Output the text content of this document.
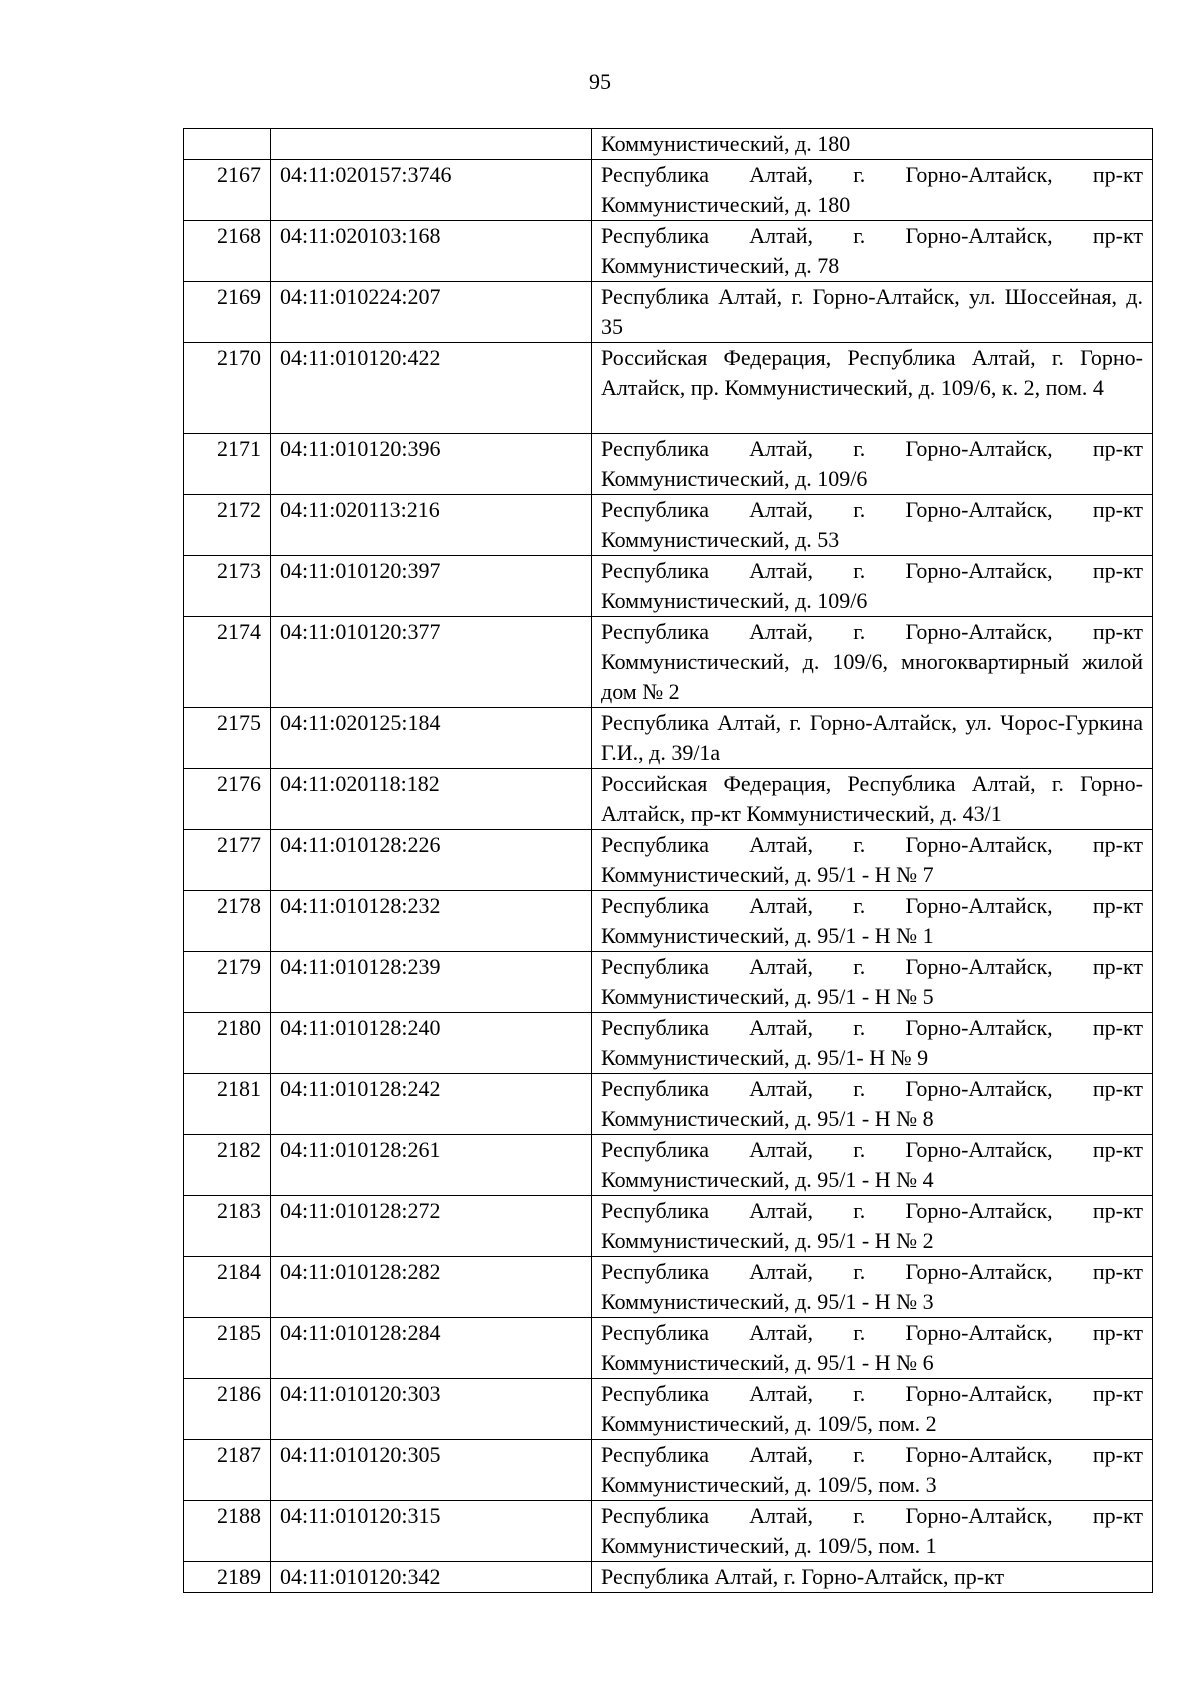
95
		Коммунистический, д. 180
2167	04:11:020157:3746	Республика Алтай, г. Горно-Алтайск, пр-кт Коммунистический, д. 180
2168	04:11:020103:168	Республика Алтай, г. Горно-Алтайск, пр-кт Коммунистический, д. 78
2169	04:11:010224:207	Республика Алтай, г. Горно-Алтайск, ул. Шоссейная, д. 35
2170	04:11:010120:422	Российская Федерация, Республика Алтай, г. Горно-Алтайск, пр. Коммунистический, д. 109/6, к. 2, пом. 4
2171	04:11:010120:396	Республика Алтай, г. Горно-Алтайск, пр-кт Коммунистический, д. 109/6
2172	04:11:020113:216	Республика Алтай, г. Горно-Алтайск, пр-кт Коммунистический, д. 53
2173	04:11:010120:397	Республика Алтай, г. Горно-Алтайск, пр-кт Коммунистический, д. 109/6
2174	04:11:010120:377	Республика Алтай, г. Горно-Алтайск, пр-кт Коммунистический, д. 109/6, многоквартирный жилой дом № 2
2175	04:11:020125:184	Республика Алтай, г. Горно-Алтайск, ул. Чорос-Гуркина Г.И., д. 39/1а
2176	04:11:020118:182	Российская Федерация, Республика Алтай, г. Горно-Алтайск, пр-кт Коммунистический, д. 43/1
2177	04:11:010128:226	Республика Алтай, г. Горно-Алтайск, пр-кт Коммунистический, д. 95/1 - Н № 7
2178	04:11:010128:232	Республика Алтай, г. Горно-Алтайск, пр-кт Коммунистический, д. 95/1 - Н № 1
2179	04:11:010128:239	Республика Алтай, г. Горно-Алтайск, пр-кт Коммунистический, д. 95/1 - Н № 5
2180	04:11:010128:240	Республика Алтай, г. Горно-Алтайск, пр-кт Коммунистический, д. 95/1- Н № 9
2181	04:11:010128:242	Республика Алтай, г. Горно-Алтайск, пр-кт Коммунистический, д. 95/1 - Н № 8
2182	04:11:010128:261	Республика Алтай, г. Горно-Алтайск, пр-кт Коммунистический, д. 95/1 - Н № 4
2183	04:11:010128:272	Республика Алтай, г. Горно-Алтайск, пр-кт Коммунистический, д. 95/1 - Н № 2
2184	04:11:010128:282	Республика Алтай, г. Горно-Алтайск, пр-кт Коммунистический, д. 95/1 - Н № 3
2185	04:11:010128:284	Республика Алтай, г. Горно-Алтайск, пр-кт Коммунистический, д. 95/1 - Н № 6
2186	04:11:010120:303	Республика Алтай, г. Горно-Алтайск, пр-кт Коммунистический, д. 109/5, пом. 2
2187	04:11:010120:305	Республика Алтай, г. Горно-Алтайск, пр-кт Коммунистический, д. 109/5, пом. 3
2188	04:11:010120:315	Республика Алтай, г. Горно-Алтайск, пр-кт Коммунистический, д. 109/5, пом. 1
2189	04:11:010120:342	Республика Алтай, г. Горно-Алтайск, пр-кт
